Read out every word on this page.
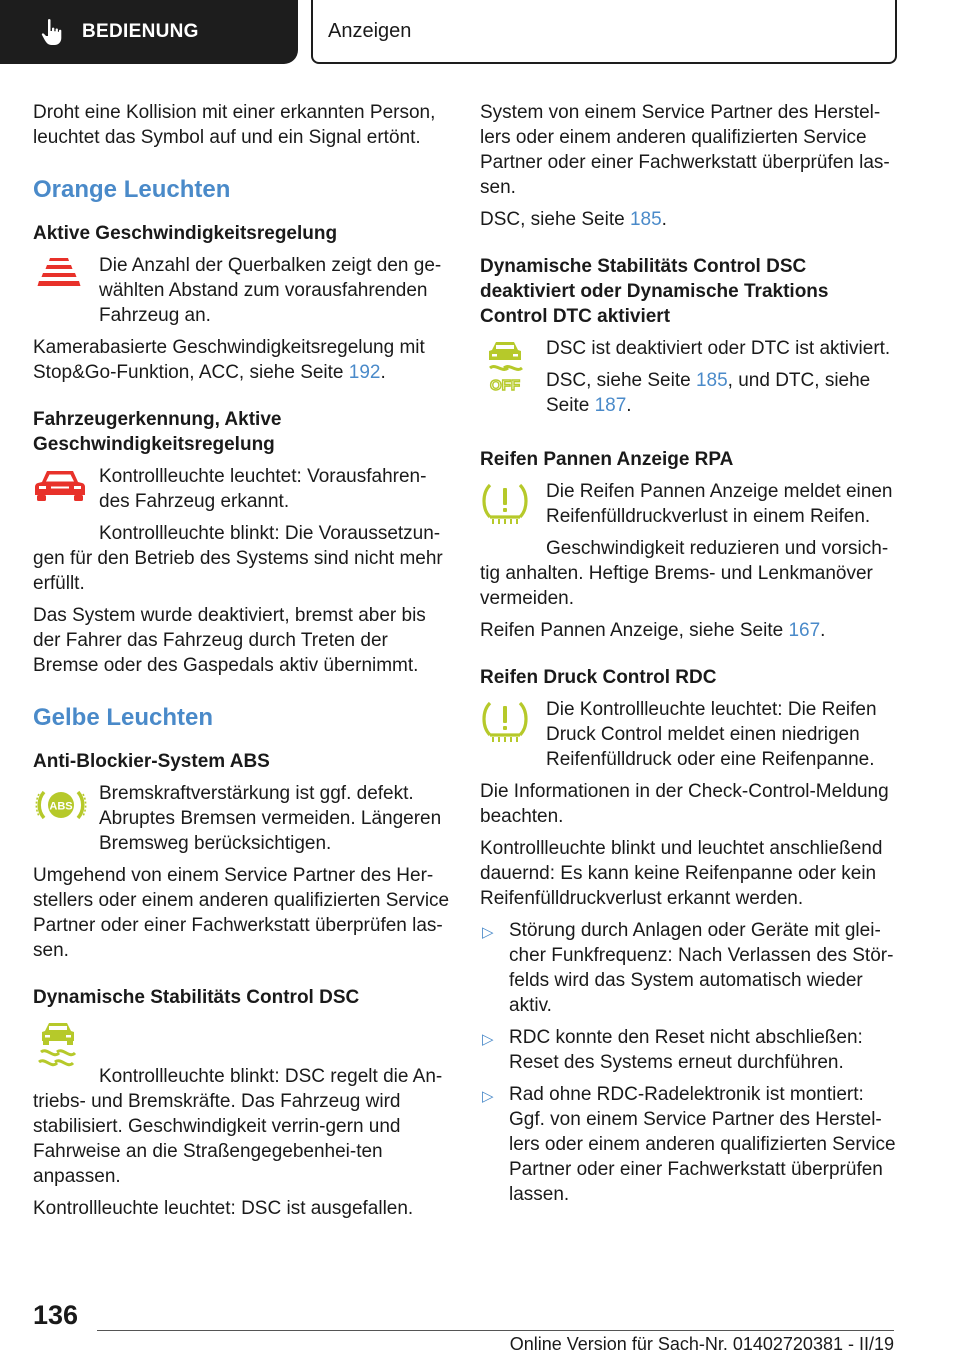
BEDIENUNG	Anzeigen

Droht eine Kollision mit einer erkannten Person, leuchtet das Symbol auf und ein Signal ertönt.

Orange Leuchten
Aktive Geschwindigkeitsregelung

Die Anzahl der Querbalken zeigt den ge‐wählten Abstand zum vorausfahrenden Fahrzeug an.

Kamerabasierte Geschwindigkeitsregelung mit Stop&Go-Funktion, ACC, siehe Seite 192.

Fahrzeugerkennung, Aktive Geschwindigkeitsregelung

Kontrollleuchte leuchtet: Vorausfahren‐des Fahrzeug erkannt.

Kontrollleuchte blinkt: Die Voraussetzun‐gen für den Betrieb des Systems sind nicht mehr erfüllt.

Das System wurde deaktiviert, bremst aber bis der Fahrer das Fahrzeug durch Treten der Bremse oder des Gaspedals aktiv übernimmt.

Gelbe Leuchten
Anti-Blockier-System ABS
ABS

Bremskraftverstärkung ist ggf. defekt. Abruptes Bremsen vermeiden. Längeren Bremsweg berücksichtigen.

Umgehend von einem Service Partner des Her‐stellers oder einem anderen qualifizierten Service Partner oder einer Fachwerkstatt überprüfen las‐sen.

Dynamische Stabilitäts Control DSC

Kontrollleuchte blinkt: DSC regelt die An‐triebs- und Bremskräfte. Das Fahrzeug wird stabilisiert. Geschwindigkeit verrin‐gern und Fahrweise an die Straßengegebenhei‐ten anpassen.

Kontrollleuchte leuchtet: DSC ist ausgefallen.

System von einem Service Partner des Herstel‐lers oder einem anderen qualifizierten Service Partner oder einer Fachwerkstatt überprüfen las‐sen.

DSC, siehe Seite 185.

Dynamische Stabilitäts Control DSC deaktiviert oder Dynamische Traktions Control DTC aktiviert
OFF

DSC ist deaktiviert oder DTC ist aktiviert.

DSC, siehe Seite 185, und DTC, siehe Seite 187.

Reifen Pannen Anzeige RPA

Die Reifen Pannen Anzeige meldet einen Reifenfülldruckverlust in einem Reifen.

Geschwindigkeit reduzieren und vorsich‐tig anhalten. Heftige Brems- und Lenkmanöver vermeiden.

Reifen Pannen Anzeige, siehe Seite 167.

Reifen Druck Control RDC

Die Kontrollleuchte leuchtet: Die Reifen Druck Control meldet einen niedrigen Reifenfülldruck oder eine Reifenpanne.

Die Informationen in der Check-Control-Meldung beachten.

Kontrollleuchte blinkt und leuchtet anschließend dauernd: Es kann keine Reifenpanne oder kein Reifenfülldruckverlust erkannt werden.

▷ Störung durch Anlagen oder Geräte mit glei‐cher Funkfrequenz: Nach Verlassen des Stör‐felds wird das System automatisch wieder aktiv.
▷ RDC konnte den Reset nicht abschließen: Reset des Systems erneut durchführen.
▷ Rad ohne RDC-Radelektronik ist montiert: Ggf. von einem Service Partner des Herstel‐lers oder einem anderen qualifizierten Service Partner oder einer Fachwerkstatt überprüfen lassen.
136
Online Version für Sach-Nr. 01402720381 - II/19
